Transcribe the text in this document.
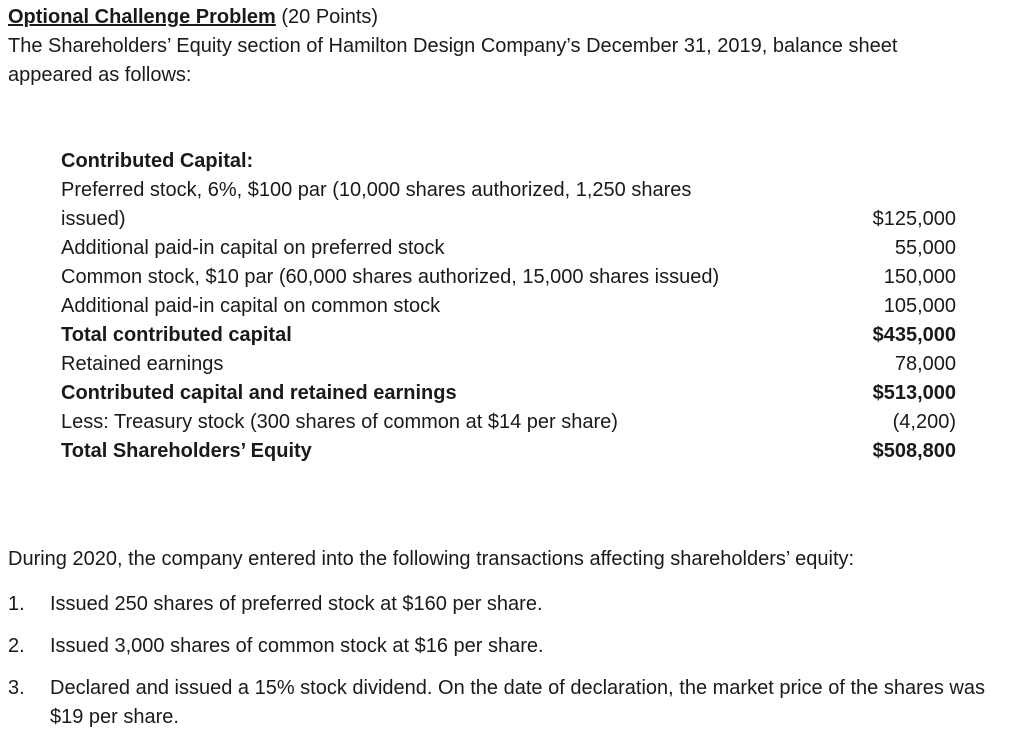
Optional Challenge Problem (20 Points)
The Shareholders’ Equity section of Hamilton Design Company’s December 31, 2019, balance sheet
appeared as follows:
Contributed Capital:
Preferred stock, 6%, $100 par (10,000 shares authorized, 1,250 shares issued)	$125,000
Additional paid-in capital on preferred stock	55,000
Common stock, $10 par (60,000 shares authorized, 15,000 shares issued)	150,000
Additional paid-in capital on common stock	105,000
Total contributed capital	$435,000
Retained earnings	78,000
Contributed capital and retained earnings	$513,000
Less: Treasury stock (300 shares of common at $14 per share)	(4,200)
Total Shareholders’ Equity	$508,800
During 2020, the company entered into the following transactions affecting shareholders’ equity:
1.	Issued 250 shares of preferred stock at $160 per share.
2.	Issued 3,000 shares of common stock at $16 per share.
3.	Declared and issued a 15% stock dividend. On the date of declaration, the market price of the shares was $19 per share.
